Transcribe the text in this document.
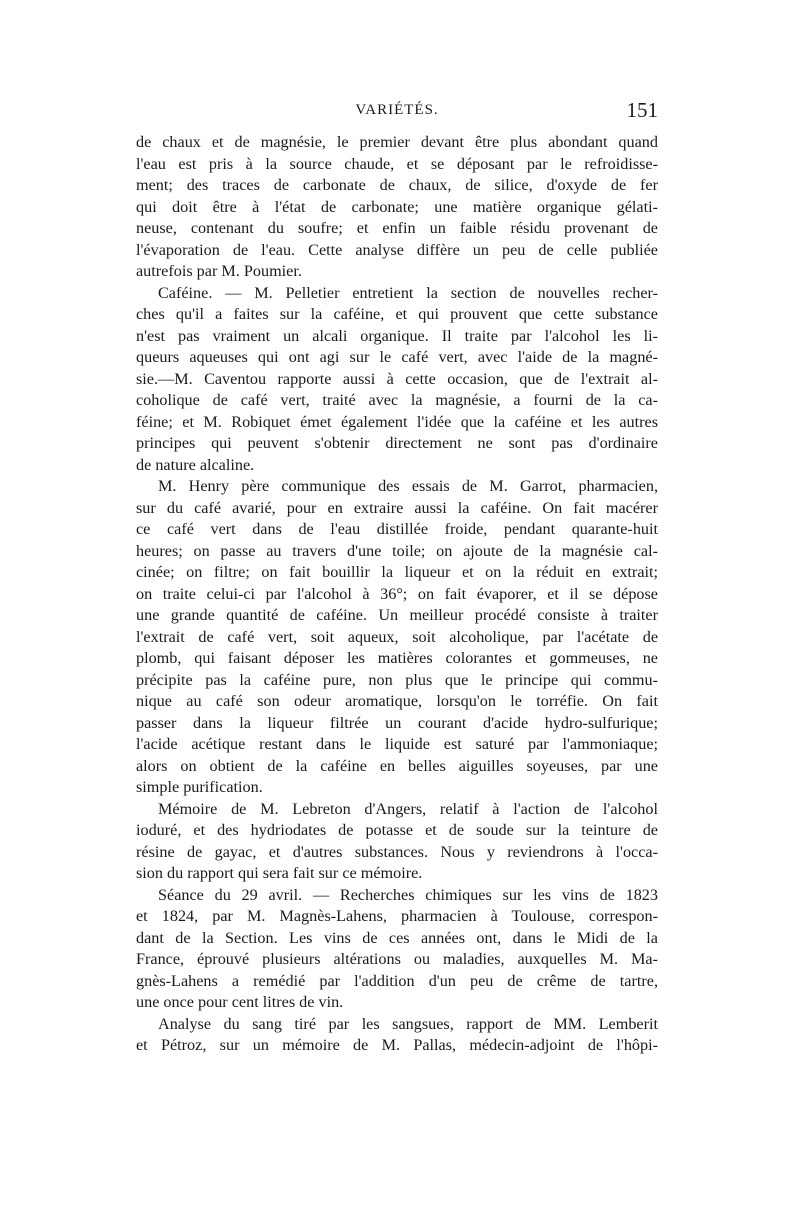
VARIÉTÉS.	151
de chaux et de magnésie, le premier devant être plus abondant quand
l'eau est pris à la source chaude, et se déposant par le refroidisse-
ment; des traces de carbonate de chaux, de silice, d'oxyde de fer
qui doit être à l'état de carbonate; une matière organique gélati-
neuse, contenant du soufre; et enfin un faible résidu provenant de
l'évaporation de l'eau. Cette analyse diffère un peu de celle publiée
autrefois par M. Poumier.
Caféine. — M. Pelletier entretient la section de nouvelles recher-
ches qu'il a faites sur la caféine, et qui prouvent que cette substance
n'est pas vraiment un alcali organique. Il traite par l'alcohol les li-
queurs aqueuses qui ont agi sur le café vert, avec l'aide de la magné-
sie.—M. Caventou rapporte aussi à cette occasion, que de l'extrait al-
coholique de café vert, traité avec la magnésie, a fourni de la ca-
féine; et M. Robiquet émet également l'idée que la caféine et les autres
principes qui peuvent s'obtenir directement ne sont pas d'ordinaire
de nature alcaline.
M. Henry père communique des essais de M. Garrot, pharmacien,
sur du café avarié, pour en extraire aussi la caféine. On fait macérer
ce café vert dans de l'eau distillée froide, pendant quarante-huit
heures; on passe au travers d'une toile; on ajoute de la magnésie cal-
cinée; on filtre; on fait bouillir la liqueur et on la réduit en extrait;
on traite celui-ci par l'alcohol à 36°; on fait évaporer, et il se dépose
une grande quantité de caféine. Un meilleur procédé consiste à traiter
l'extrait de café vert, soit aqueux, soit alcoholique, par l'acétate de
plomb, qui faisant déposer les matières colorantes et gommeuses, ne
précipite pas la caféine pure, non plus que le principe qui commu-
nique au café son odeur aromatique, lorsqu'on le torréfie. On fait
passer dans la liqueur filtrée un courant d'acide hydro-sulfurique;
l'acide acétique restant dans le liquide est saturé par l'ammoniaque;
alors on obtient de la caféine en belles aiguilles soyeuses, par une
simple purification.
Mémoire de M. Lebreton d'Angers, relatif à l'action de l'alcohol
ioduré, et des hydriodates de potasse et de soude sur la teinture de
résine de gayac, et d'autres substances. Nous y reviendrons à l'occa-
sion du rapport qui sera fait sur ce mémoire.
Séance du 29 avril. — Recherches chimiques sur les vins de 1823
et 1824, par M. Magnès-Lahens, pharmacien à Toulouse, correspon-
dant de la Section. Les vins de ces années ont, dans le Midi de la
France, éprouvé plusieurs altérations ou maladies, auxquelles M. Ma-
gnès-Lahens a remédié par l'addition d'un peu de crême de tartre,
une once pour cent litres de vin.
Analyse du sang tiré par les sangsues, rapport de MM. Lemberit
et Pétroz, sur un mémoire de M. Pallas, médecin-adjoint de l'hôpi-
